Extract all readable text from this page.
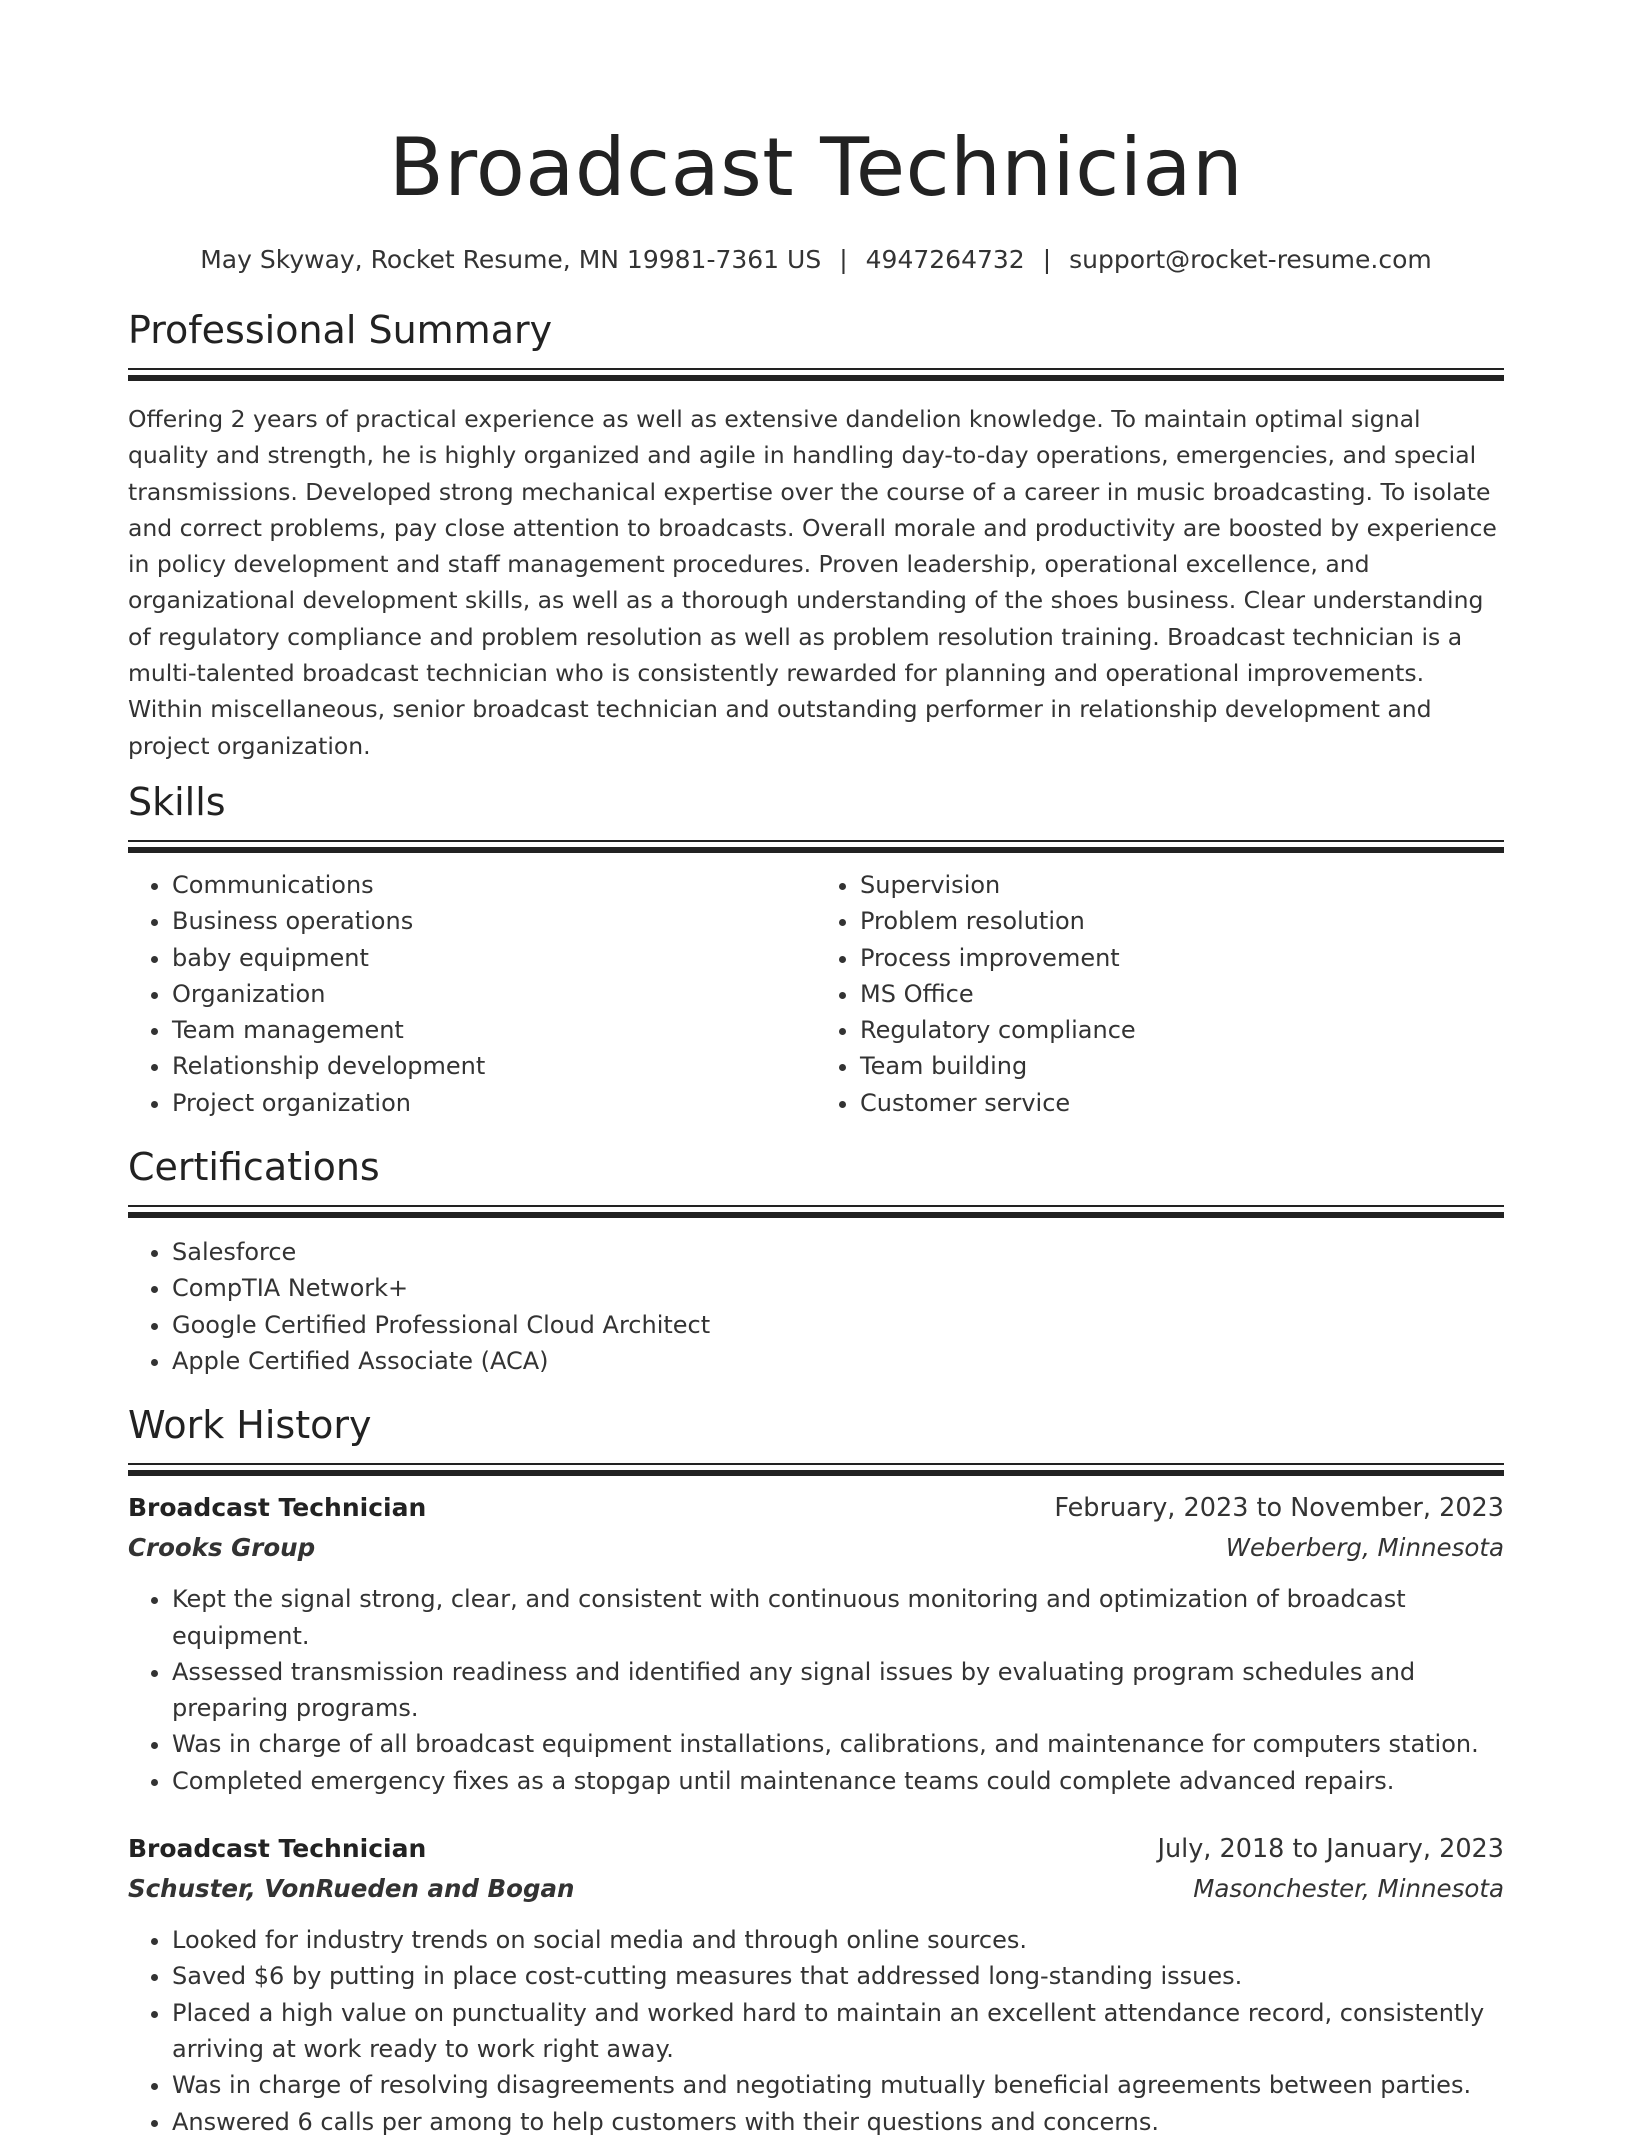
Broadcast Technician
May Skyway, Rocket Resume, MN 19981-7361 US | 4947264732 | support@rocket-resume.com
Professional Summary

Offering 2 years of practical experience as well as extensive dandelion knowledge. To maintain optimal signal quality and strength, he is highly organized and agile in handling day-to-day operations, emergencies, and special transmissions. Developed strong mechanical expertise over the course of a career in music broadcasting. To isolate and correct problems, pay close attention to broadcasts. Overall morale and productivity are boosted by experience in policy development and staff management procedures. Proven leadership, operational excellence, and organizational development skills, as well as a thorough understanding of the shoes business. Clear understanding of regulatory compliance and problem resolution as well as problem resolution training. Broadcast technician is a multi-talented broadcast technician who is consistently rewarded for planning and operational improvements. Within miscellaneous, senior broadcast technician and outstanding performer in relationship development and project organization.

Skills
• Communications
• Business operations
• baby equipment
• Organization
• Team management
• Relationship development
• Project organization
• Supervision
• Problem resolution
• Process improvement
• MS Office
• Regulatory compliance
• Team building
• Customer service
Certifications
• Salesforce
• CompTIA Network+
• Google Certified Professional Cloud Architect
• Apple Certified Associate (ACA)
Work History
Broadcast Technician	February, 2023 to November, 2023
Crooks Group	Weberberg, Minnesota
• Kept the signal strong, clear, and consistent with continuous monitoring and optimization of broadcast equipment.
• Assessed transmission readiness and identified any signal issues by evaluating program schedules and preparing programs.
• Was in charge of all broadcast equipment installations, calibrations, and maintenance for computers station.
• Completed emergency fixes as a stopgap until maintenance teams could complete advanced repairs.
Broadcast Technician	July, 2018 to January, 2023
Schuster, VonRueden and Bogan	Masonchester, Minnesota
• Looked for industry trends on social media and through online sources.
• Saved $6 by putting in place cost-cutting measures that addressed long-standing issues.
• Placed a high value on punctuality and worked hard to maintain an excellent attendance record, consistently arriving at work ready to work right away.
• Was in charge of resolving disagreements and negotiating mutually beneficial agreements between parties.
• Answered 6 calls per among to help customers with their questions and concerns.
